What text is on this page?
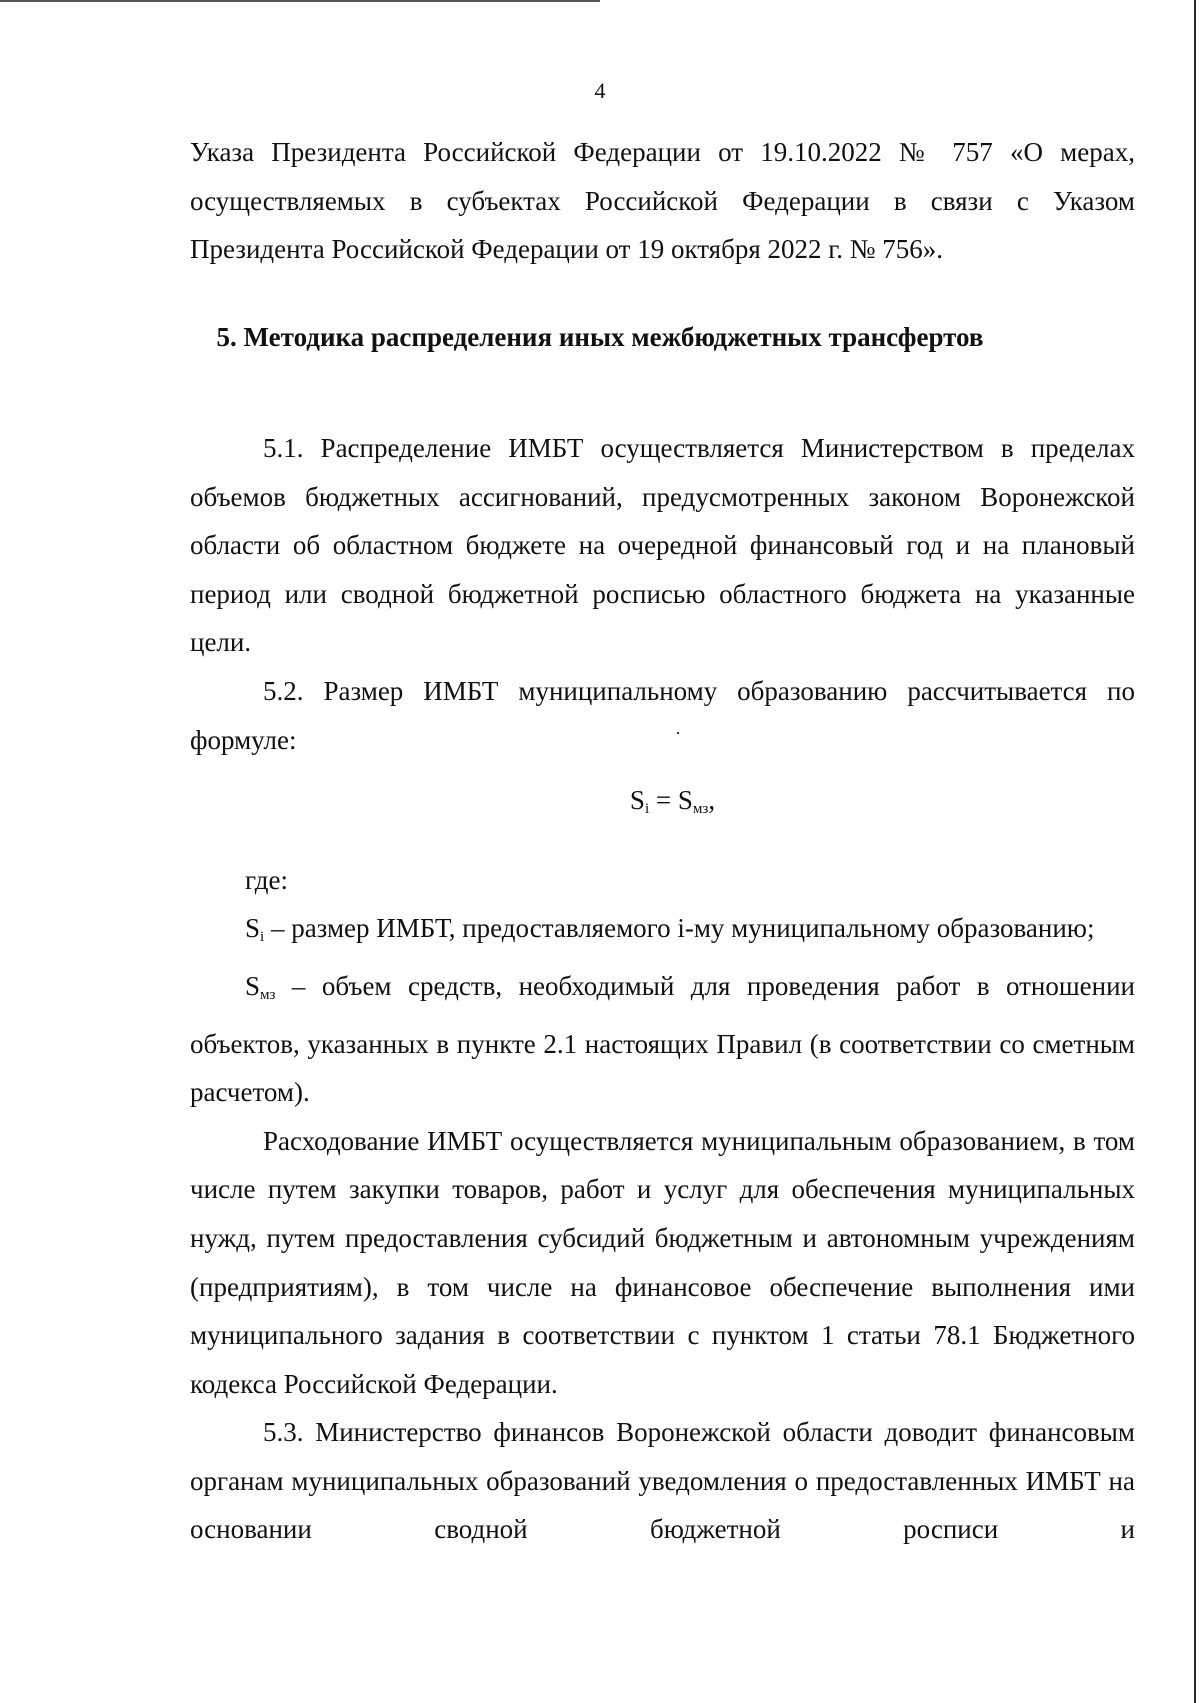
4

Указа Президента Российской Федерации от 19.10.2022 № 757 «О мерах, осуществляемых в субъектах Российской Федерации в связи с Указом Президента Российской Федерации от 19 октября 2022 г. № 756».

5. Методика распределения иных межбюджетных трансфертов

5.1. Распределение ИМБТ осуществляется Министерством в пределах объемов бюджетных ассигнований, предусмотренных законом Воронежской области об областном бюджете на очередной финансовый год и на плановый период или сводной бюджетной росписью областного бюджета на указанные цели.

5.2. Размер ИМБТ муниципальному образованию рассчитывается по формуле:

$S_i = S_{мз}$,
где:

$S_i$ – размер ИМБТ, предоставляемого i-му муниципальному образованию;

$S_{мз}$ – объем средств, необходимый для проведения работ в отношении объектов, указанных в пункте 2.1 настоящих Правил (в соответствии со сметным расчетом).

Расходование ИМБТ осуществляется муниципальным образованием, в том числе путем закупки товаров, работ и услуг для обеспечения муниципальных нужд, путем предоставления субсидий бюджетным и автономным учреждениям (предприятиям), в том числе на финансовое обеспечение выполнения ими муниципального задания в соответствии с пунктом 1 статьи 78.1 Бюджетного кодекса Российской Федерации.

5.3. Министерство финансов Воронежской области доводит финансовым органам муниципальных образований уведомления о предоставленных ИМБТ на основании сводной бюджетной росписи и
